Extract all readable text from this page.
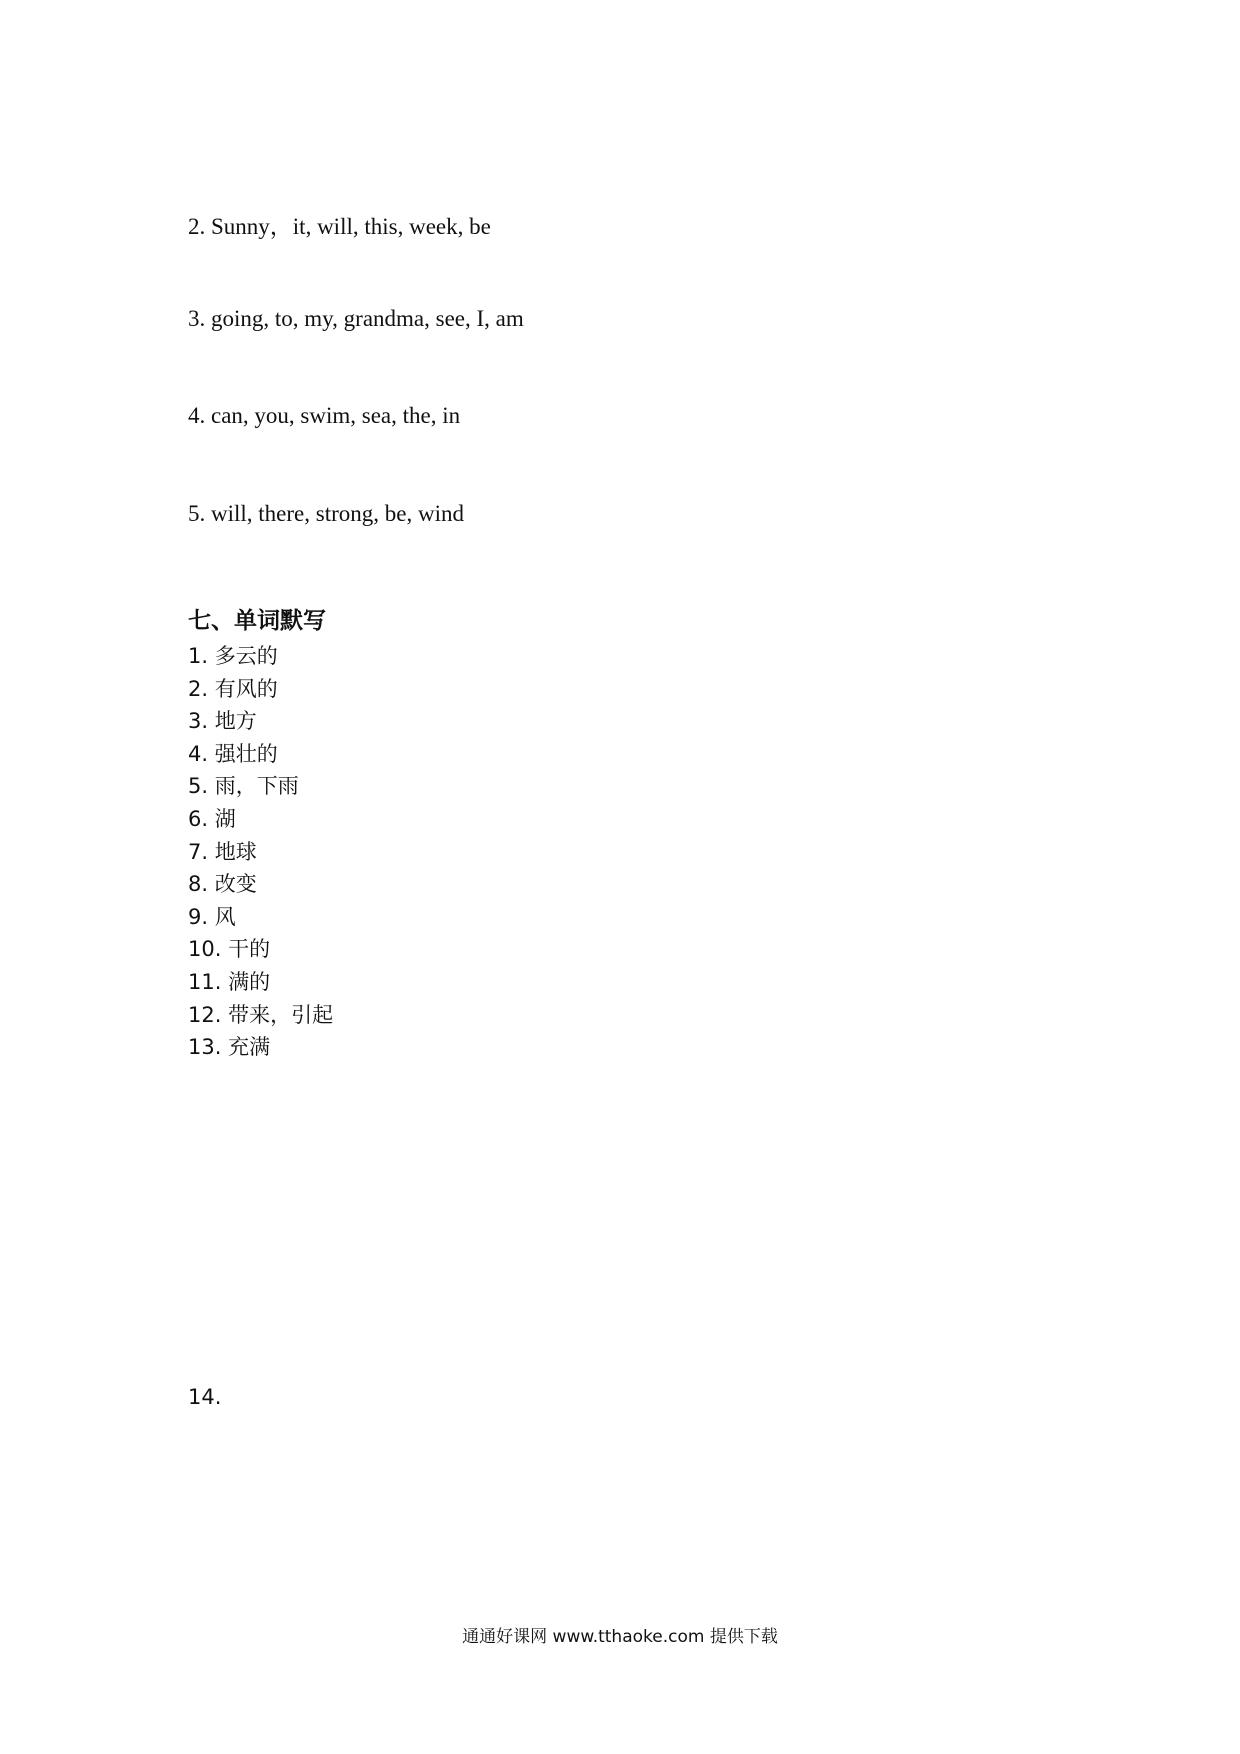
2. Sunny，it, will, this, week, be
3. going, to, my, grandma, see, I, am
4. can, you, swim, sea, the, in
5. will, there, strong, be, wind
七、单词默写
1. 多云的
2. 有风的
3. 地方
4. 强壮的
5. 雨，下雨
6. 湖
7. 地球
8. 改变
9. 风
10. 干的
11. 满的
12. 带来，引起
13. 充满
14.
通通好课网 www.tthaoke.com 提供下载
